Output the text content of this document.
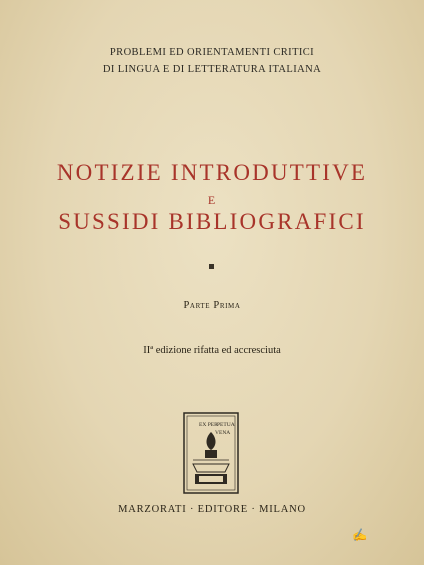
PROBLEMI ED ORIENTAMENTI CRITICI
DI LINGUA E DI LETTERATURA ITALIANA
NOTIZIE INTRODUTTIVE
E
SUSSIDI BIBLIOGRAFICI
Parte Prima
IIª edizione rifatta ed accresciuta
EX PER PETUA
VENA
MARZORATI · EDITORE · MILANO
✍
